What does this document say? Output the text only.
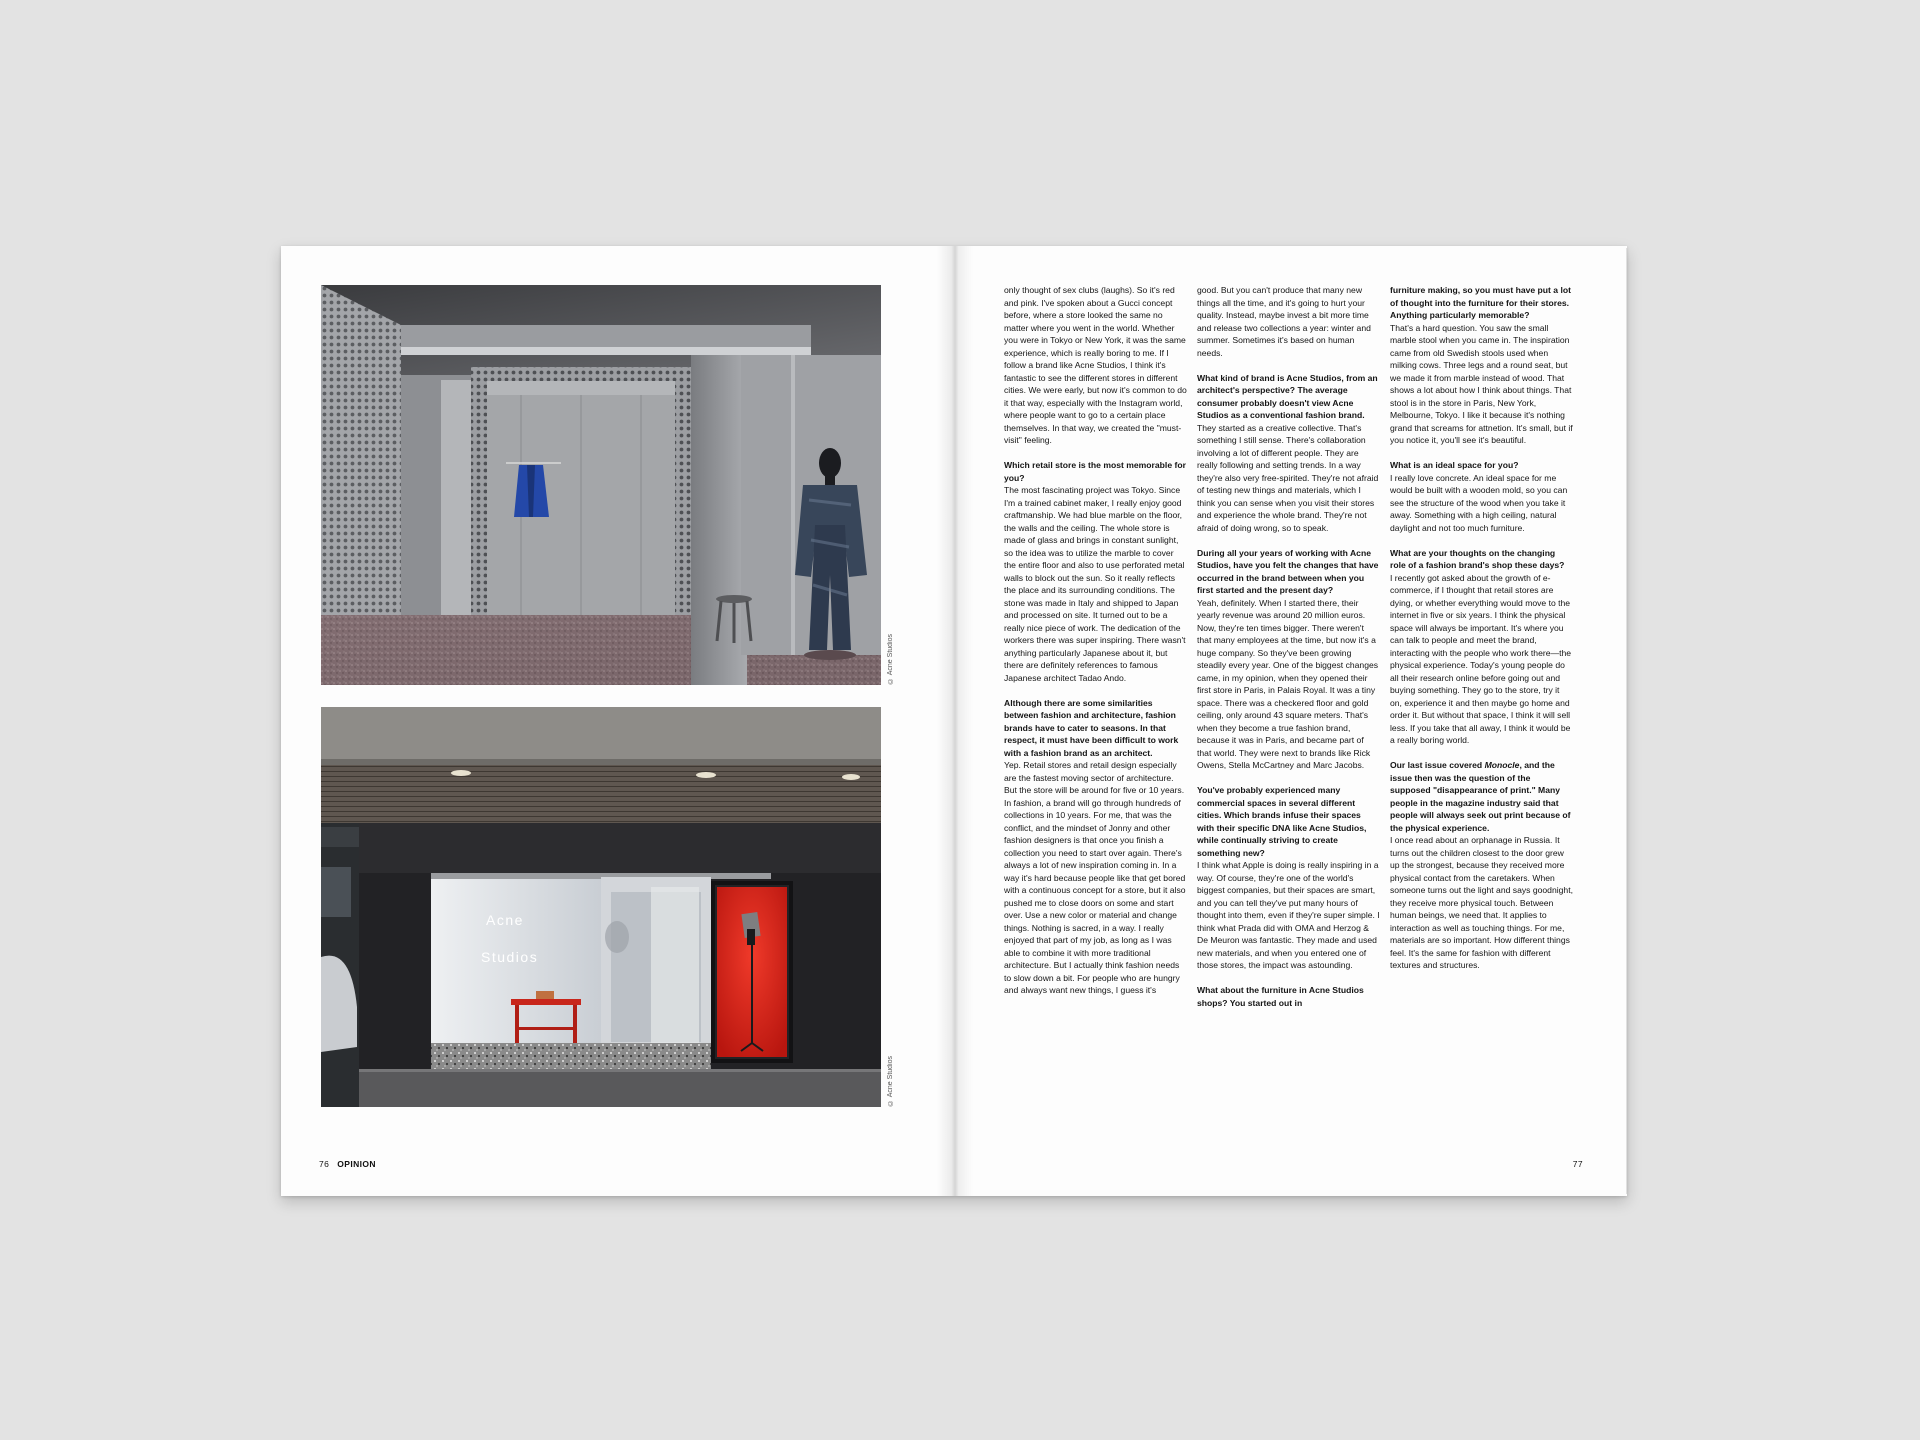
© Acne Studios
Acne
Studios
© Acne Studios
76 OPINION

only thought of sex clubs (laughs). So it's red and pink. I've spoken about a Gucci concept before, where a store looked the same no matter where you went in the world. Whether you were in Tokyo or New York, it was the same experience, which is really boring to me. If I follow a brand like Acne Studios, I think it's fantastic to see the different stores in different cities. We were early, but now it's common to do it that way, especially with the Instagram world, where people want to go to a certain place themselves. In that way, we created the "must-visit" feeling.

Which retail store is the most memorable for you?
The most fascinating project was Tokyo. Since I'm a trained cabinet maker, I really enjoy good craftmanship. We had blue marble on the floor, the walls and the ceiling. The whole store is made of glass and brings in constant sunlight, so the idea was to utilize the marble to cover the entire floor and also to use perforated metal walls to block out the sun. So it really reflects the place and its surrounding conditions. The stone was made in Italy and shipped to Japan and processed on site. It turned out to be a really nice piece of work. The dedication of the workers there was super inspiring. There wasn't anything particularly Japanese about it, but there are definitely references to famous Japanese architect Tadao Ando.

Although there are some similarities between fashion and architecture, fashion brands have to cater to seasons. In that respect, it must have been difficult to work with a fashion brand as an architect.
Yep. Retail stores and retail design especially are the fastest moving sector of architecture. But the store will be around for five or 10 years. In fashion, a brand will go through hundreds of collections in 10 years. For me, that was the conflict, and the mindset of Jonny and other fashion designers is that once you finish a collection you need to start over again. There's always a lot of new inspiration coming in. In a way it's hard because people like that get bored with a continuous concept for a store, but it also pushed me to close doors on some and start over. Use a new color or material and change things. Nothing is sacred, in a way. I really enjoyed that part of my job, as long as I was able to combine it with more traditional architecture. But I actually think fashion needs to slow down a bit. For people who are hungry and always want new things, I guess it's

good. But you can't produce that many new things all the time, and it's going to hurt your quality. Instead, maybe invest a bit more time and release two collections a year: winter and summer. Sometimes it's based on human needs.

What kind of brand is Acne Studios, from an architect's perspective? The average consumer probably doesn't view Acne Studios as a conventional fashion brand.
They started as a creative collective. That's something I still sense. There's collaboration involving a lot of different people. They are really following and setting trends. In a way they're also very free-spirited. They're not afraid of testing new things and materials, which I think you can sense when you visit their stores and experience the whole brand. They're not afraid of doing wrong, so to speak.

During all your years of working with Acne Studios, have you felt the changes that have occurred in the brand between when you first started and the present day?
Yeah, definitely. When I started there, their yearly revenue was around 20 million euros. Now, they're ten times bigger. There weren't that many employees at the time, but now it's a huge company. So they've been growing steadily every year. One of the biggest changes came, in my opinion, when they opened their first store in Paris, in Palais Royal. It was a tiny space. There was a checkered floor and gold ceiling, only around 43 square meters. That's when they become a true fashion brand, because it was in Paris, and became part of that world. They were next to brands like Rick Owens, Stella McCartney and Marc Jacobs.

You've probably experienced many commercial spaces in several different cities. Which brands infuse their spaces with their specific DNA like Acne Studios, while continually striving to create something new?
I think what Apple is doing is really inspiring in a way. Of course, they're one of the world's biggest companies, but their spaces are smart, and you can tell they've put many hours of thought into them, even if they're super simple. I think what Prada did with OMA and Herzog & De Meuron was fantastic. They made and used new materials, and when you entered one of those stores, the impact was astounding.

What about the furniture in Acne Studios shops? You started out in

furniture making, so you must have put a lot of thought into the furniture for their stores. Anything particularly memorable?
That's a hard question. You saw the small marble stool when you came in. The inspiration came from old Swedish stools used when milking cows. Three legs and a round seat, but we made it from marble instead of wood. That shows a lot about how I think about things. That stool is in the store in Paris, New York, Melbourne, Tokyo. I like it because it's nothing grand that screams for attnetion. It's small, but if you notice it, you'll see it's beautiful.

What is an ideal space for you?
I really love concrete. An ideal space for me would be built with a wooden mold, so you can see the structure of the wood when you take it away. Something with a high ceiling, natural daylight and not too much furniture.

What are your thoughts on the changing role of a fashion brand's shop these days?
I recently got asked about the growth of e-commerce, if I thought that retail stores are dying, or whether everything would move to the internet in five or six years. I think the physical space will always be important. It's where you can talk to people and meet the brand, interacting with the people who work there—the physical experience. Today's young people do all their research online before going out and buying something. They go to the store, try it on, experience it and then maybe go home and order it. But without that space, I think it will sell less. If you take that all away, I think it would be a really boring world.

Our last issue covered Monocle, and the issue then was the question of the supposed "disappearance of print." Many people in the magazine industry said that people will always seek out print because of the physical experience.
I once read about an orphanage in Russia. It turns out the children closest to the door grew up the strongest, because they received more physical contact from the caretakers. When someone turns out the light and says goodnight, they receive more physical touch. Between human beings, we need that. It applies to interaction as well as touching things. For me, materials are so important. How different things feel. It's the same for fashion with different textures and structures.

77
